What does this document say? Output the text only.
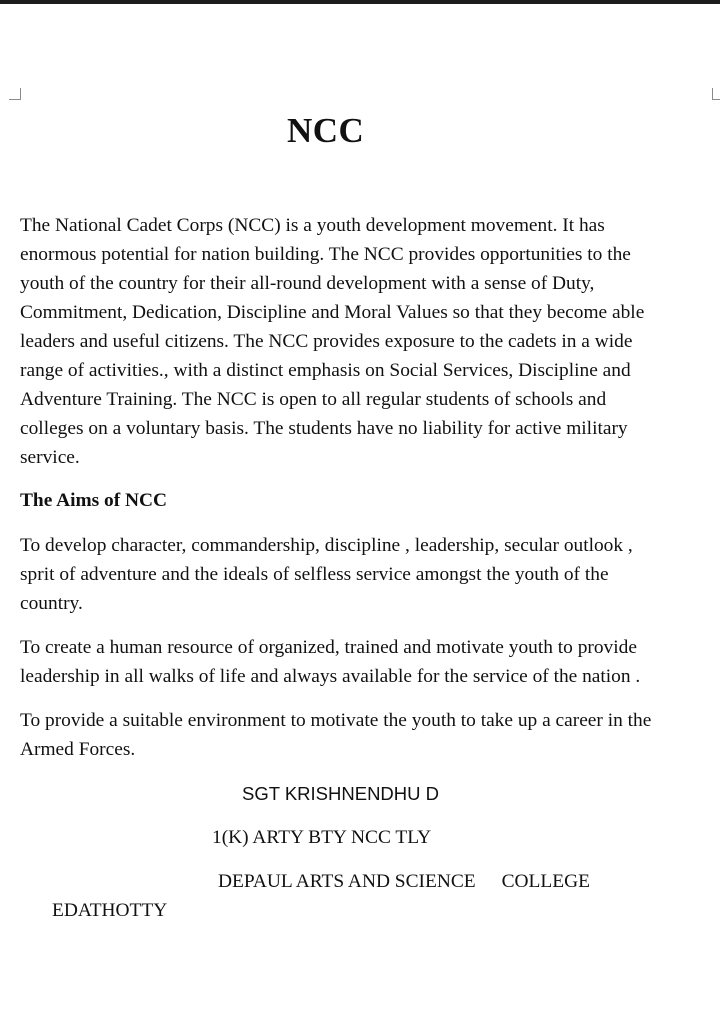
NCC

The National Cadet Corps (NCC) is a youth development movement. It has
enormous potential for nation building. The NCC provides opportunities to the
youth of the country for their all-round development with a sense of Duty,
Commitment, Dedication, Discipline and Moral Values so that they become able
leaders and useful citizens. The NCC provides exposure to the cadets in a wide
range of activities., with a distinct emphasis on Social Services, Discipline and
Adventure Training. The NCC is open to all regular students of schools and
colleges on a voluntary basis. The students have no liability for active military
service.

The Aims of NCC

To develop character, commandership, discipline , leadership, secular outlook ,
sprit of adventure and the ideals of selfless service amongst the youth of the
country.

To create a human resource of organized, trained and motivate youth to provide
leadership in all walks of life and always available for the service of the nation .

To provide a suitable environment to motivate the youth to take up a career in the
Armed Forces.

SGT KRISHNENDHU D

1(K) ARTY BTY NCC TLY

DEPAUL ARTS AND SCIENCE COLLEGE

EDATHOTTY
